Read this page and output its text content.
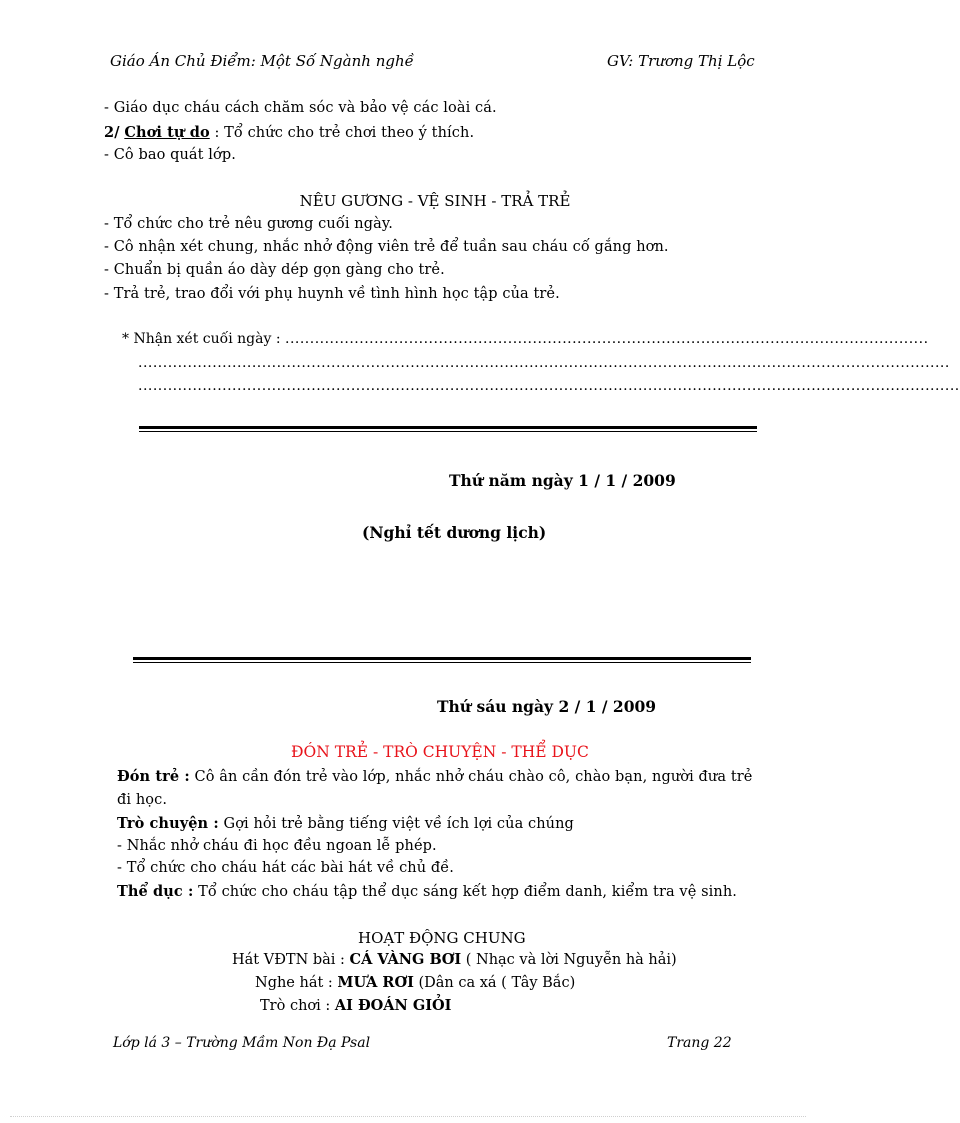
Giáo Án Chủ Điểm: Một Số Ngành nghề	GV: Trương Thị Lộc
- Giáo dục cháu cách chăm sóc và bảo vệ các loài cá.
2/ Chơi tự do : Tổ chức cho trẻ chơi theo ý thích.
- Cô bao quát lớp.
NÊU GƯƠNG - VỆ SINH - TRẢ TRẺ
- Tổ chức cho trẻ nêu gương cuối ngày.
- Cô nhận xét chung, nhắc nhở động viên trẻ để tuần sau cháu cố gắng hơn.
- Chuẩn bị quần áo dày dép gọn gàng cho trẻ.
- Trả trẻ, trao đổi với phụ huynh về tình hình học tập của trẻ.
* Nhận xét cuối ngày : ..................................................................................................................................
....................................................................................................................................................................
......................................................................................................................................................................
Thứ năm ngày 1 / 1 / 2009
(Nghỉ tết dương lịch)
Thứ sáu ngày 2 / 1 / 2009
ĐÓN TRẺ - TRÒ CHUYỆN - THỂ DỤC
Đón trẻ : Cô ân cần đón trẻ vào lớp, nhắc nhở cháu chào cô, chào bạn, người đưa trẻ
đi học.
Trò chuyện : Gợi hỏi trẻ bằng tiếng việt về ích lợi của chúng
- Nhắc nhở cháu đi học đều ngoan lễ phép.
- Tổ chức cho cháu hát các bài hát về chủ đề.
Thể dục : Tổ chức cho cháu tập thể dục sáng kết hợp điểm danh, kiểm tra vệ sinh.
HOẠT ĐỘNG CHUNG
Hát VĐTN bài : CÁ VÀNG BƠI ( Nhạc và lời Nguyễn hà hải)
Nghe hát : MƯA RƠI (Dân ca xá ( Tây Bắc)
Trò chơi : AI ĐOÁN GIỎI
Lớp lá 3 – Trường Mầm Non Đạ Psal	Trang 22
